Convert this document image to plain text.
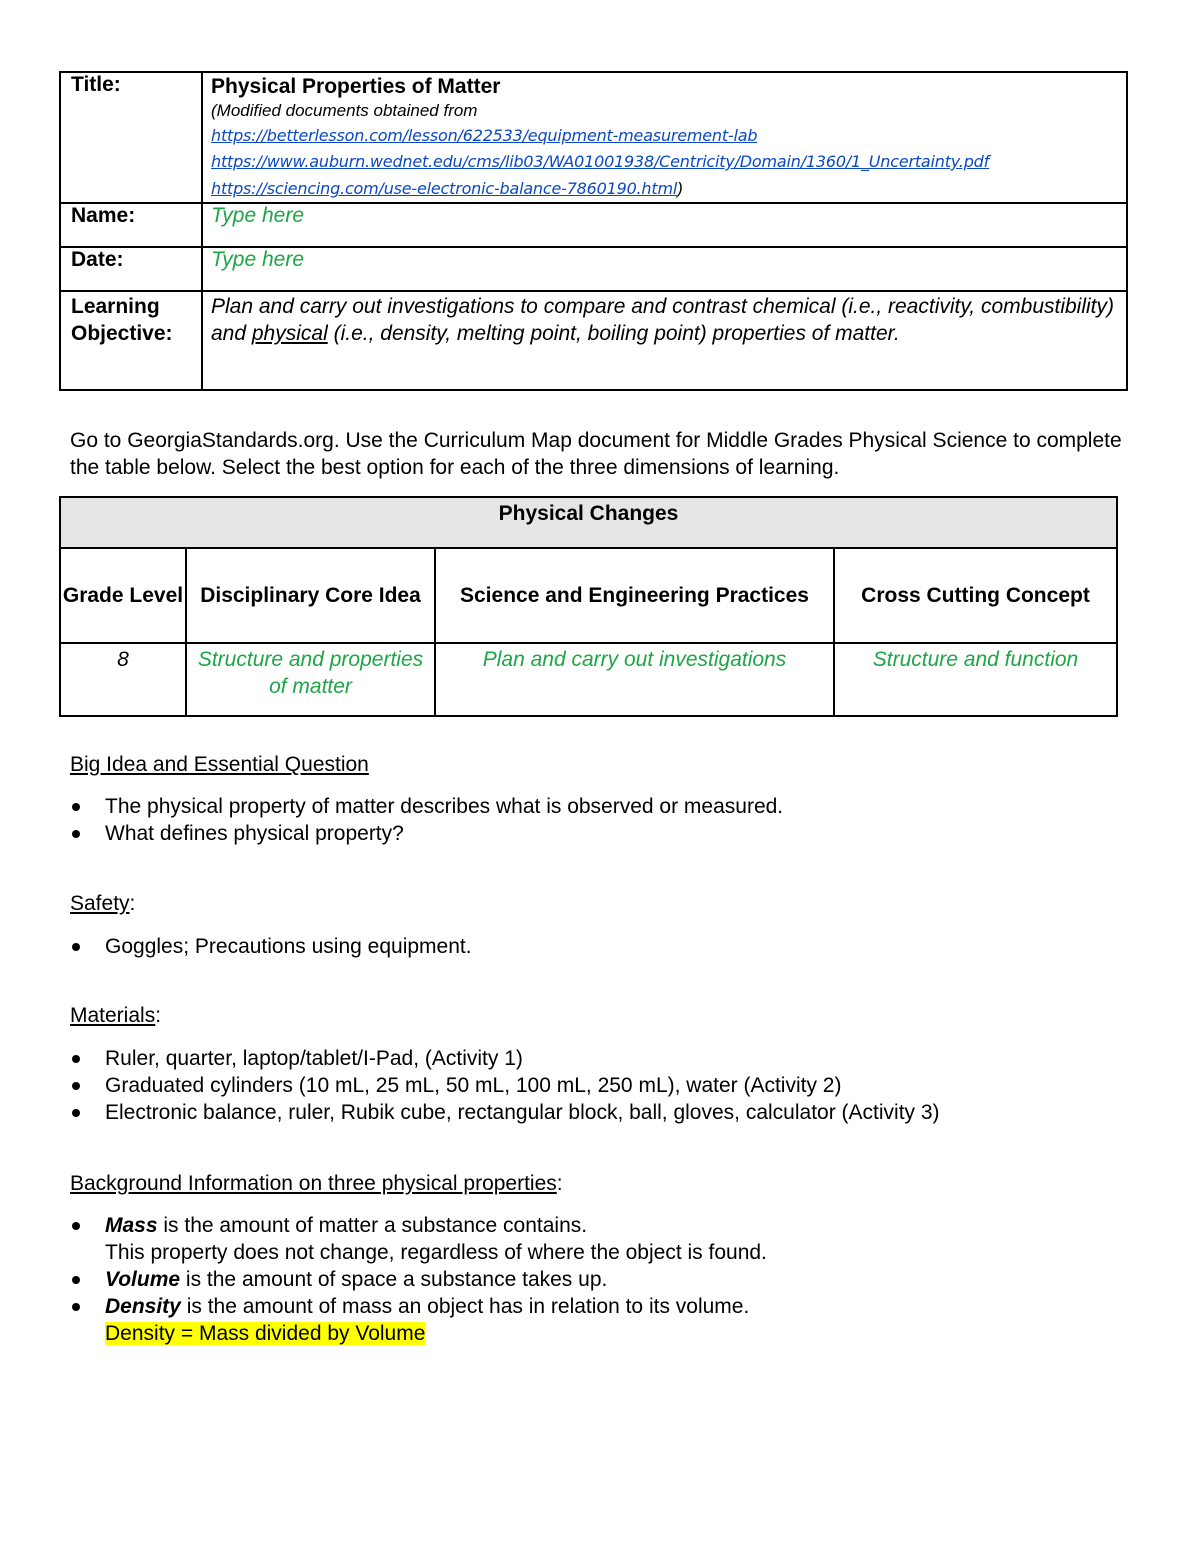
Title:	Physical Properties of Matter
(Modified documents obtained from
https://betterlesson.com/lesson/622533/equipment-measurement-lab
https://www.auburn.wednet.edu/cms/lib03/WA01001938/Centricity/Domain/1360/1_Uncertainty.pdf
https://sciencing.com/use-electronic-balance-7860190.html)

Name:	Type here
Date:	Type here
Learning
Objective:	Plan and carry out investigations to compare and contrast chemical (i.e., reactivity, combustibility) and physical (i.e., density, melting point, boiling point) properties of matter.
Go to GeorgiaStandards.org. Use the Curriculum Map document for Middle Grades Physical Science to complete the table below. Select the best option for each of the three dimensions of learning.
Physical Changes			
Grade Level	Disciplinary Core Idea	Science and Engineering Practices	Cross Cutting Concept
8	Structure and properties of matter	Plan and carry out investigations	Structure and function
Big Idea and Essential Question
The physical property of matter describes what is observed or measured.
What defines physical property?
Safety:
Goggles; Precautions using equipment.
Materials:
Ruler, quarter, laptop/tablet/I-Pad, (Activity 1)
Graduated cylinders (10 mL, 25 mL, 50 mL, 100 mL, 250 mL), water (Activity 2)
Electronic balance, ruler, Rubik cube, rectangular block, ball, gloves, calculator (Activity 3)
Background Information on three physical properties:
Mass is the amount of matter a substance contains.
This property does not change, regardless of where the object is found.
Volume is the amount of space a substance takes up.
Density is the amount of mass an object has in relation to its volume.
Density = Mass divided by Volume
